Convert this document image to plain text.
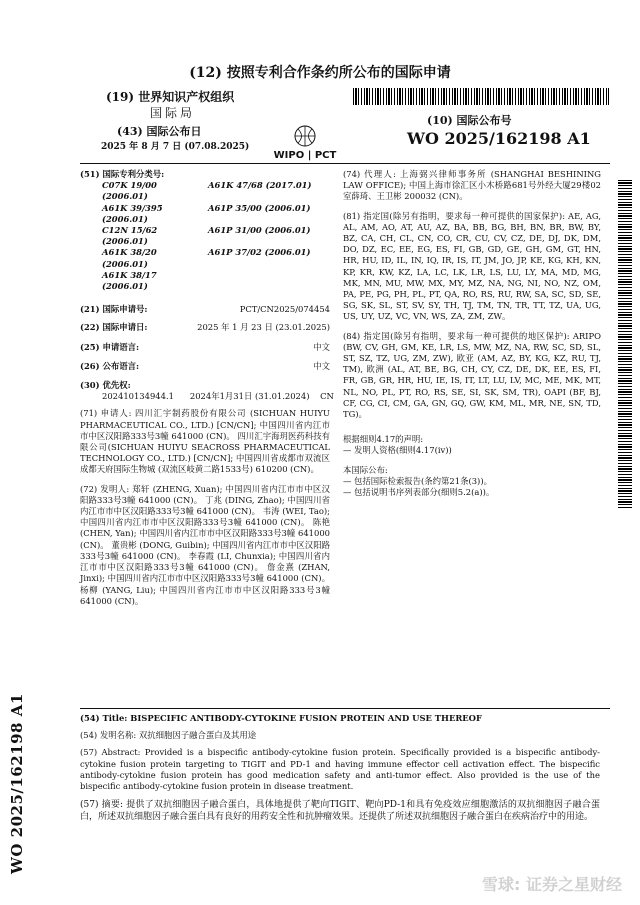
(12) 按照专利合作条约所公布的国际申请
(19) 世界知识产权组织
国际局
(43) 国际公布日
2025 年 8 月 7 日 (07.08.2025)
WIPO | PCT
(10) 国际公布号
WO 2025/162198 A1
(51) 国际专利分类号:
C07K 19/00 (2006.01)
A61K 47/68 (2017.01)
A61K 39/395 (2006.01)
A61P 35/00 (2006.01)
C12N 15/62 (2006.01)
A61P 31/00 (2006.01)
A61K 38/20 (2006.01)
A61P 37/02 (2006.01)
A61K 38/17 (2006.01)
(21) 国际申请号:	PCT/CN2025/074454
(22) 国际申请日:	2025 年 1 月 23 日 (23.01.2025)
(25) 申请语言:	中文
(26) 公布语言:	中文
(30) 优先权:
202410134944.1      2024年1月31日 (31.01.2024)    CN
(71) 申请人: 四川汇宇制药股份有限公司 (SICHUAN HUIYU PHARMACEUTICAL CO., LTD.) [CN/CN]; 中国四川省内江市市中区汉阳路333号3幢 641000 (CN)。 四川汇宇海玥医药科技有限公司(SICHUAN HUIYU SEACROSS PHARMACEUTICAL TECHNOLOGY CO., LTD.) [CN/CN]; 中国四川省成都市双流区成都天府国际生物城 (双流区岐黄二路1533号) 610200 (CN)。
(72) 发明人: 郑轩 (ZHENG, Xuan); 中国四川省内江市市中区汉阳路333号3幢 641000 (CN)。 丁兆 (DING, Zhao); 中国四川省内江市市中区汉阳路333号3幢 641000 (CN)。 韦涛 (WEI, Tao); 中国四川省内江市市中区汉阳路333号3幢 641000 (CN)。 陈艳 (CHEN, Yan); 中国四川省内江市市中区汉阳路333号3幢 641000 (CN)。 董贵彬 (DONG, Guibin); 中国四川省内江市市中区汉阳路333号3幢 641000 (CN)。 李春霞 (LI, Chunxia); 中国四川省内江市市中区汉阳路333号3幢 641000 (CN)。 詹金熹 (ZHAN, Jinxi); 中国四川省内江市市中区汉阳路333号3幢 641000 (CN)。 杨柳 (YANG, Liu); 中国四川省内江市市中区汉阳路333号3幢 641000 (CN)。
(74) 代理人: 上海弼兴律师事务所 (SHANGHAI BESHINING LAW OFFICE); 中国上海市徐汇区小木桥路681号外经大厦29楼02室薛琦、王卫彬 200032 (CN)。
(81) 指定国(除另有指明，要求每一种可提供的国家保护): AE, AG, AL, AM, AO, AT, AU, AZ, BA, BB, BG, BH, BN, BR, BW, BY, BZ, CA, CH, CL, CN, CO, CR, CU, CV, CZ, DE, DJ, DK, DM, DO, DZ, EC, EE, EG, ES, FI, GB, GD, GE, GH, GM, GT, HN, HR, HU, ID, IL, IN, IQ, IR, IS, IT, JM, JO, JP, KE, KG, KH, KN, KP, KR, KW, KZ, LA, LC, LK, LR, LS, LU, LY, MA, MD, MG, MK, MN, MU, MW, MX, MY, MZ, NA, NG, NI, NO, NZ, OM, PA, PE, PG, PH, PL, PT, QA, RO, RS, RU, RW, SA, SC, SD, SE, SG, SK, SL, ST, SV, SY, TH, TJ, TM, TN, TR, TT, TZ, UA, UG, US, UY, UZ, VC, VN, WS, ZA, ZM, ZW。
(84) 指定国(除另有指明，要求每一种可提供的地区保护): ARIPO (BW, CV, GH, GM, KE, LR, LS, MW, MZ, NA, RW, SC, SD, SL, ST, SZ, TZ, UG, ZM, ZW), 欧亚 (AM, AZ, BY, KG, KZ, RU, TJ, TM), 欧洲 (AL, AT, BE, BG, CH, CY, CZ, DE, DK, EE, ES, FI, FR, GB, GR, HR, HU, IE, IS, IT, LT, LU, LV, MC, ME, MK, MT, NL, NO, PL, PT, RO, RS, SE, SI, SK, SM, TR), OAPI (BF, BJ, CF, CG, CI, CM, GA, GN, GQ, GW, KM, ML, MR, NE, SN, TD, TG)。
根据细则4.17的声明:
— 发明人资格(细则4.17(iv))
本国际公布:
— 包括国际检索报告(条约第21条(3))。
— 包括说明书序列表部分(细则5.2(a))。
WO 2025/162198 A1	(54) Title: BISPECIFIC ANTIBODY-CYTOKINE FUSION PROTEIN AND USE THEREOF
(54) 发明名称: 双抗细胞因子融合蛋白及其用途
(57) Abstract: Provided is a bispecific antibody-cytokine fusion protein. Specifically provided is a bispecific antibody-cytokine fusion protein targeting to TIGIT and PD-1 and having immune effector cell activation effect. The bispecific antibody-cytokine fusion protein has good medication safety and anti-tumor effect. Also provided is the use of the bispecific antibody-cytokine fusion protein in disease treatment.
(57) 摘要: 提供了双抗细胞因子融合蛋白，具体地提供了靶向TIGIT、靶向PD-1和具有免疫效应细胞激活的双抗细胞因子融合蛋白，所述双抗细胞因子融合蛋白具有良好的用药安全性和抗肿瘤效果。还提供了所述双抗细胞因子融合蛋白在疾病治疗中的用途。
雪球: 证券之星财经
